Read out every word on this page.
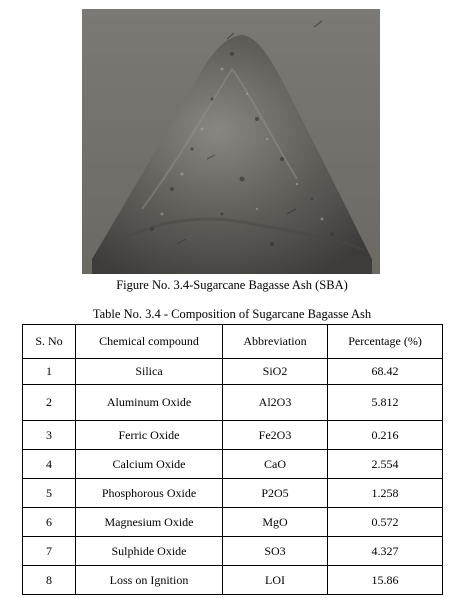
Figure No. 3.4-Sugarcane Bagasse Ash (SBA)
Table No. 3.4 - Composition of Sugarcane Bagasse Ash
S. No	Chemical compound	Abbreviation	Percentage (%)
1	Silica	SiO2	68.42
2	Aluminum Oxide	Al2O3	5.812
3	Ferric Oxide	Fe2O3	0.216
4	Calcium Oxide	CaO	2.554
5	Phosphorous Oxide	P2O5	1.258
6	Magnesium Oxide	MgO	0.572
7	Sulphide Oxide	SO3	4.327
8	Loss on Ignition	LOI	15.86
